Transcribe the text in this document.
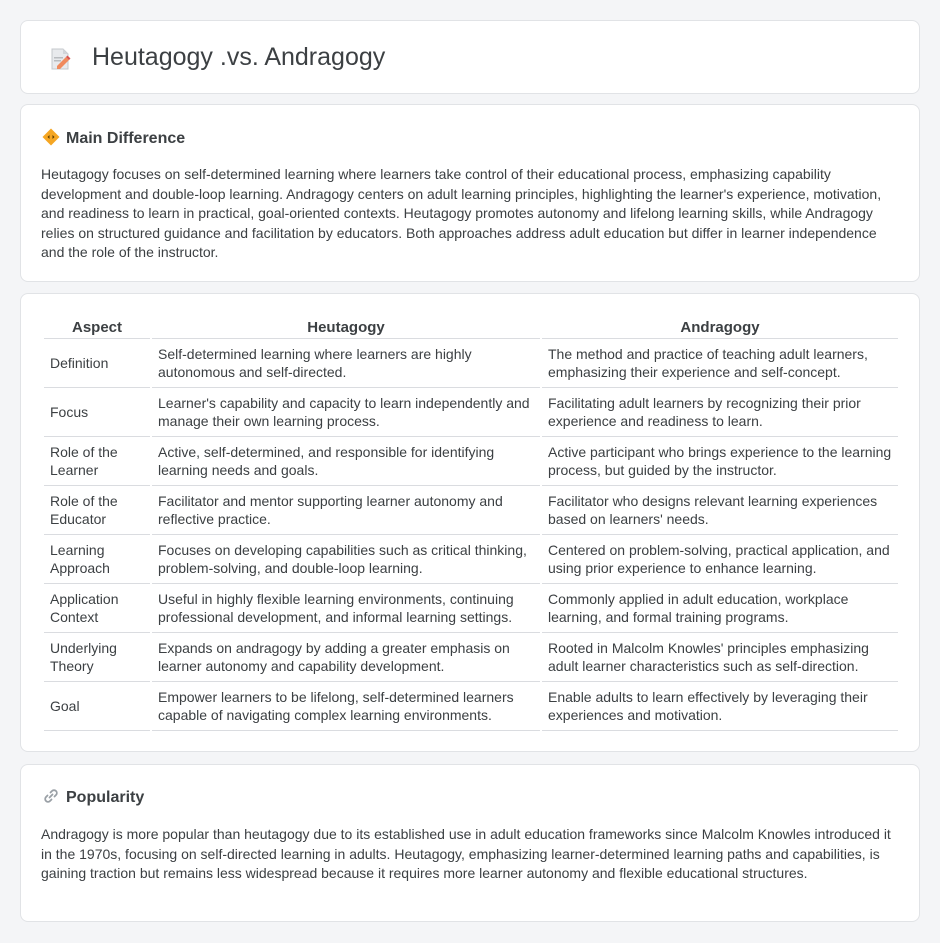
Heutagogy .vs. Andragogy
Main Difference

Heutagogy focuses on self-determined learning where learners take control of their educational process, emphasizing capability development and double-loop learning. Andragogy centers on adult learning principles, highlighting the learner's experience, motivation, and readiness to learn in practical, goal-oriented contexts. Heutagogy promotes autonomy and lifelong learning skills, while Andragogy relies on structured guidance and facilitation by educators. Both approaches address adult education but differ in learner independence and the role of the instructor.

Aspect	Heutagogy	Andragogy
Definition	Self-determined learning where learners are highly autonomous and self-directed.	The method and practice of teaching adult learners, emphasizing their experience and self-concept.
Focus	Learner's capability and capacity to learn independently and manage their own learning process.	Facilitating adult learners by recognizing their prior experience and readiness to learn.
Role of the Learner	Active, self-determined, and responsible for identifying learning needs and goals.	Active participant who brings experience to the learning process, but guided by the instructor.
Role of the Educator	Facilitator and mentor supporting learner autonomy and reflective practice.	Facilitator who designs relevant learning experiences based on learners' needs.
Learning Approach	Focuses on developing capabilities such as critical thinking, problem-solving, and double-loop learning.	Centered on problem-solving, practical application, and using prior experience to enhance learning.
Application Context	Useful in highly flexible learning environments, continuing professional development, and informal learning settings.	Commonly applied in adult education, workplace learning, and formal training programs.
Underlying Theory	Expands on andragogy by adding a greater emphasis on learner autonomy and capability development.	Rooted in Malcolm Knowles' principles emphasizing adult learner characteristics such as self-direction.
Goal	Empower learners to be lifelong, self-determined learners capable of navigating complex learning environments.	Enable adults to learn effectively by leveraging their experiences and motivation.
Popularity

Andragogy is more popular than heutagogy due to its established use in adult education frameworks since Malcolm Knowles introduced it in the 1970s, focusing on self-directed learning in adults. Heutagogy, emphasizing learner-determined learning paths and capabilities, is gaining traction but remains less widespread because it requires more learner autonomy and flexible educational structures.
